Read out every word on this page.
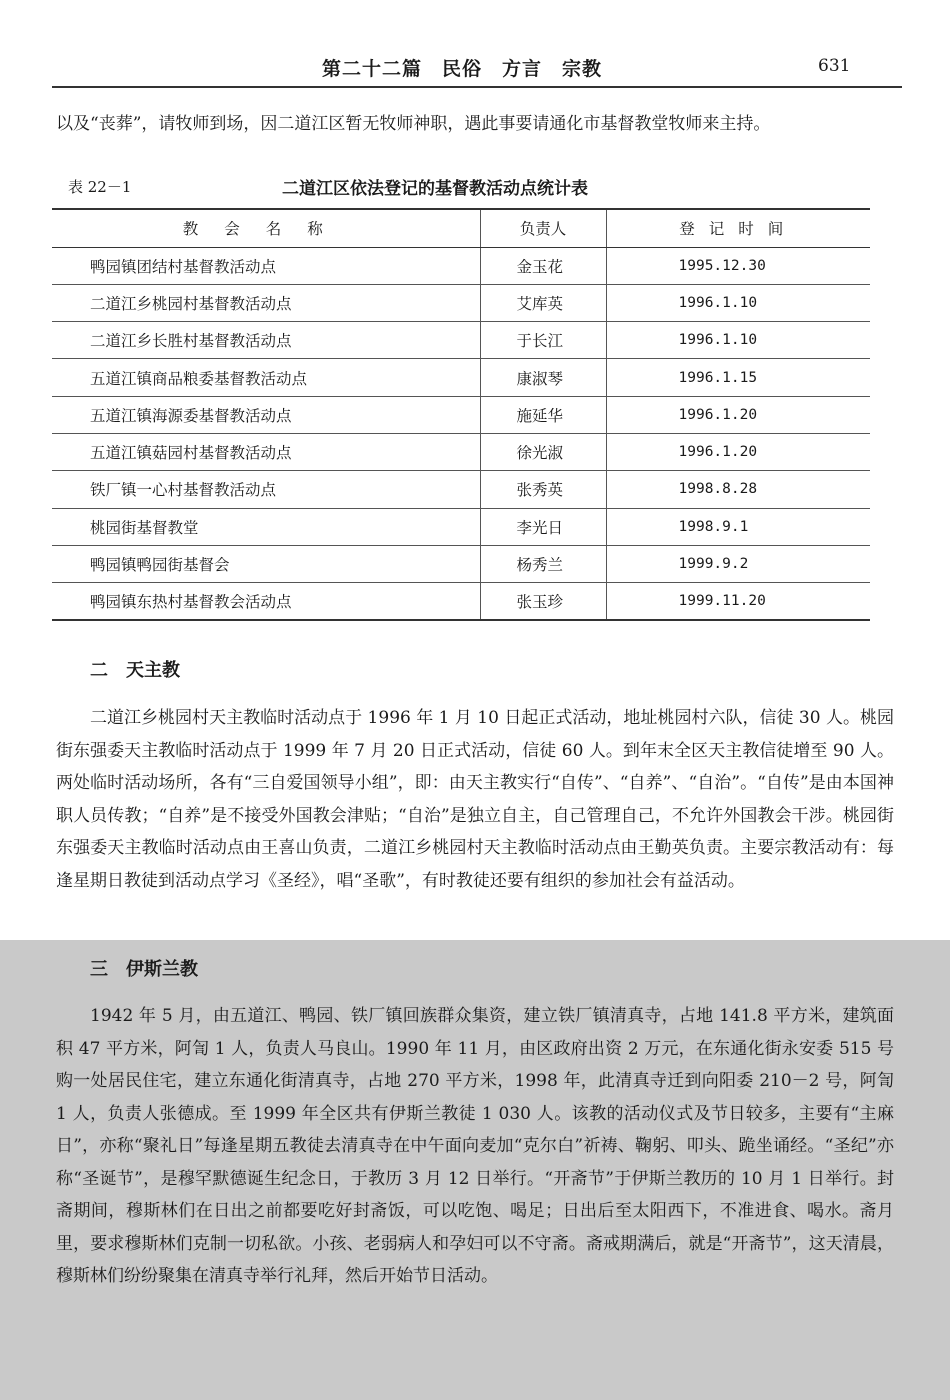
第二十二篇　民俗　方言　宗教	631

以及“丧葬”，请牧师到场，因二道江区暂无牧师神职，遇此事要请通化市基督教堂牧师来主持。

表 22－1	二道江区依法登记的基督教活动点统计表
教会名称	负责人	登记时间
鸭园镇团结村基督教活动点	金玉花	1995.12.30
二道江乡桃园村基督教活动点	艾库英	1996.1.10
二道江乡长胜村基督教活动点	于长江	1996.1.10
五道江镇商品粮委基督教活动点	康淑琴	1996.1.15
五道江镇海源委基督教活动点	施延华	1996.1.20
五道江镇菇园村基督教活动点	徐光淑	1996.1.20
铁厂镇一心村基督教活动点	张秀英	1998.8.28
桃园街基督教堂	李光日	1998.9.1
鸭园镇鸭园街基督会	杨秀兰	1999.9.2
鸭园镇东热村基督教会活动点	张玉珍	1999.11.20
二　天主教

二道江乡桃园村天主教临时活动点于 1996 年 1 月 10 日起正式活动，地址桃园村六队，信徒 30 人。桃园街东强委天主教临时活动点于 1999 年 7 月 20 日正式活动，信徒 60 人。到年末全区天主教信徒增至 90 人。两处临时活动场所，各有“三自爱国领导小组”，即：由天主教实行“自传”、“自养”、“自治”。“自传”是由本国神职人员传教；“自养”是不接受外国教会津贴；“自治”是独立自主，自己管理自己，不允许外国教会干涉。桃园街东强委天主教临时活动点由王喜山负责，二道江乡桃园村天主教临时活动点由王勤英负责。主要宗教活动有：每逢星期日教徒到活动点学习《圣经》，唱“圣歌”，有时教徒还要有组织的参加社会有益活动。

三　伊斯兰教

1942 年 5 月，由五道江、鸭园、铁厂镇回族群众集资，建立铁厂镇清真寺，占地 141.8 平方米，建筑面积 47 平方米，阿訇 1 人，负责人马良山。1990 年 11 月，由区政府出资 2 万元，在东通化街永安委 515 号购一处居民住宅，建立东通化街清真寺，占地 270 平方米，1998 年，此清真寺迁到向阳委 210－2 号，阿訇 1 人，负责人张德成。至 1999 年全区共有伊斯兰教徒 1 030 人。该教的活动仪式及节日较多，主要有“主麻日”，亦称“聚礼日”每逢星期五教徒去清真寺在中午面向麦加“克尔白”祈祷、鞠躬、叩头、跪坐诵经。“圣纪”亦称“圣诞节”，是穆罕默德诞生纪念日，于教历 3 月 12 日举行。“开斋节”于伊斯兰教历的 10 月 1 日举行。封斋期间，穆斯林们在日出之前都要吃好封斋饭，可以吃饱、喝足；日出后至太阳西下，不准进食、喝水。斋月里，要求穆斯林们克制一切私欲。小孩、老弱病人和孕妇可以不守斋。斋戒期满后，就是“开斋节”，这天清晨，穆斯林们纷纷聚集在清真寺举行礼拜，然后开始节日活动。
